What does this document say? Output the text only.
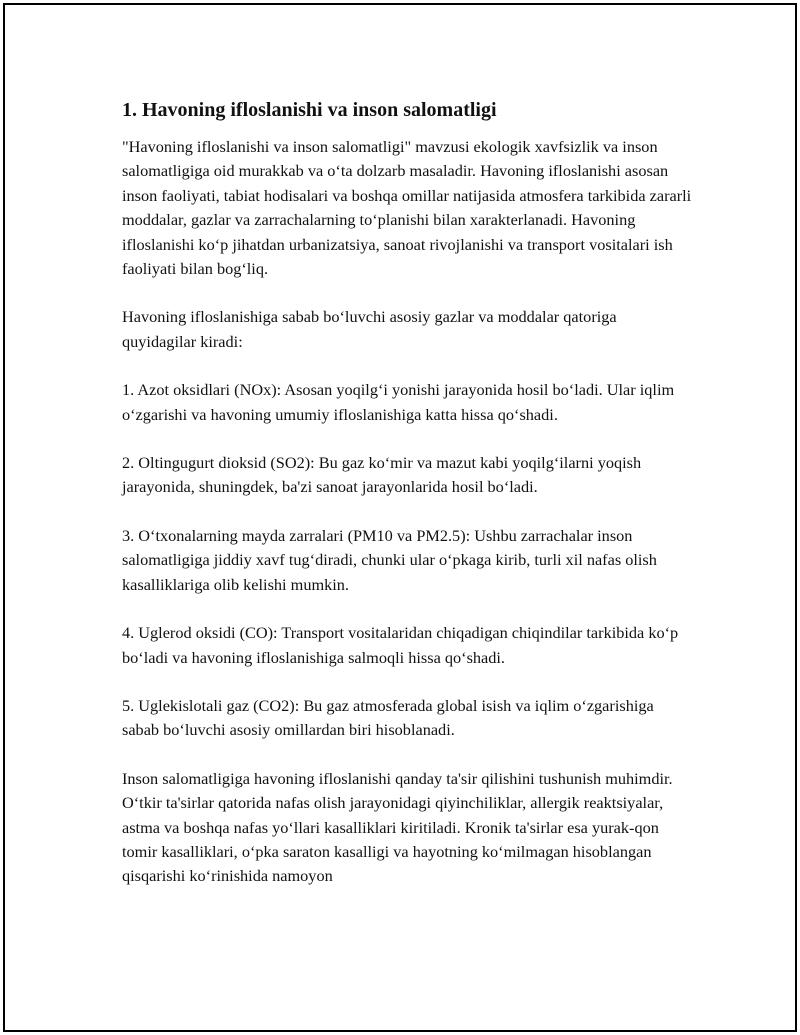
1. Havoning ifloslanishi va inson salomatligi

"Havoning ifloslanishi va inson salomatligi" mavzusi ekologik xavfsizlik va inson salomatligiga oid murakkab va o‘ta dolzarb masaladir. Havoning ifloslanishi asosan inson faoliyati, tabiat hodisalari va boshqa omillar natijasida atmosfera tarkibida zararli moddalar, gazlar va zarrachalarning to‘planishi bilan xarakterlanadi. Havoning ifloslanishi ko‘p jihatdan urbanizatsiya, sanoat rivojlanishi va transport vositalari ish faoliyati bilan bog‘liq.

Havoning ifloslanishiga sabab bo‘luvchi asosiy gazlar va moddalar qatoriga quyidagilar kiradi:

1. Azot oksidlari (NOx): Asosan yoqilg‘i yonishi jarayonida hosil bo‘ladi. Ular iqlim o‘zgarishi va havoning umumiy ifloslanishiga katta hissa qo‘shadi.

2. Oltingugurt dioksid (SO2): Bu gaz ko‘mir va mazut kabi yoqilg‘ilarni yoqish jarayonida, shuningdek, ba'zi sanoat jarayonlarida hosil bo‘ladi.

3. O‘txonalarning mayda zarralari (PM10 va PM2.5): Ushbu zarrachalar inson salomatligiga jiddiy xavf tug‘diradi, chunki ular o‘pkaga kirib, turli xil nafas olish kasalliklariga olib kelishi mumkin.

4. Uglerod oksidi (CO): Transport vositalaridan chiqadigan chiqindilar tarkibida ko‘p bo‘ladi va havoning ifloslanishiga salmoqli hissa qo‘shadi.

5. Uglekislotali gaz (CO2): Bu gaz atmosferada global isish va iqlim o‘zgarishiga sabab bo‘luvchi asosiy omillardan biri hisoblanadi.

Inson salomatligiga havoning ifloslanishi qanday ta'sir qilishini tushunish muhimdir. O‘tkir ta'sirlar qatorida nafas olish jarayonidagi qiyinchiliklar, allergik reaktsiyalar, astma va boshqa nafas yo‘llari kasalliklari kiritiladi. Kronik ta'sirlar esa yurak-qon tomir kasalliklari, o‘pka saraton kasalligi va hayotning ko‘milmagan hisoblangan qisqarishi ko‘rinishida namoyon
